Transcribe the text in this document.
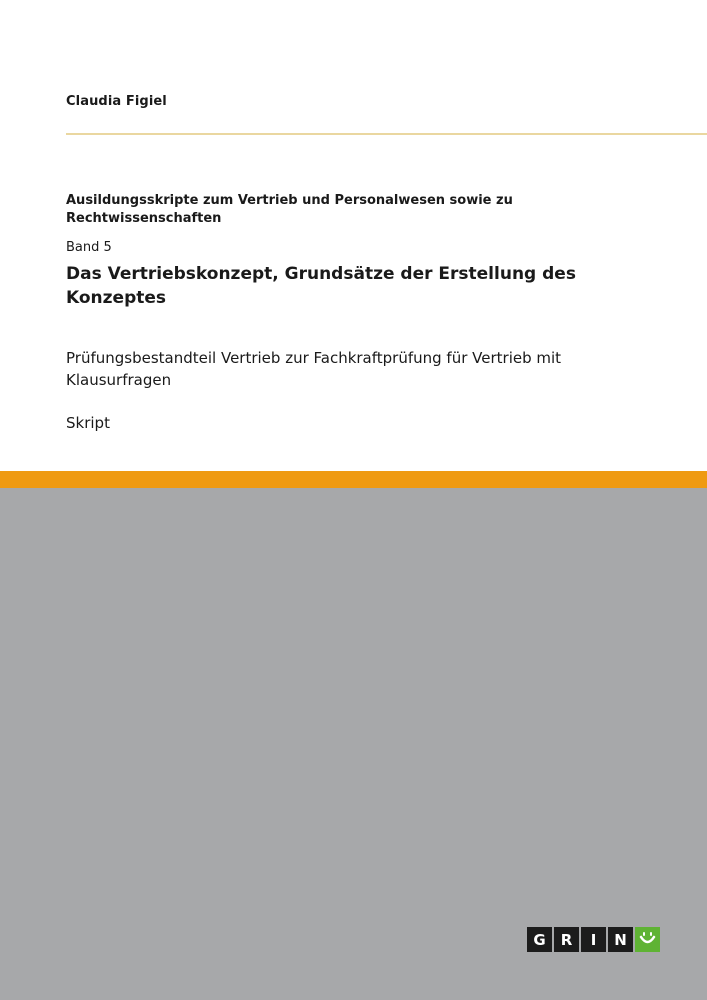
Claudia Figiel
Ausildungsskripte zum Vertrieb und Personalwesen sowie zu Rechtwissenschaften
Band 5
Das Vertriebskonzept, Grundsätze der Erstellung des Konzeptes
Prüfungsbestandteil Vertrieb zur Fachkraftprüfung für Vertrieb mit Klausurfragen
Skript
G	R	I	N
